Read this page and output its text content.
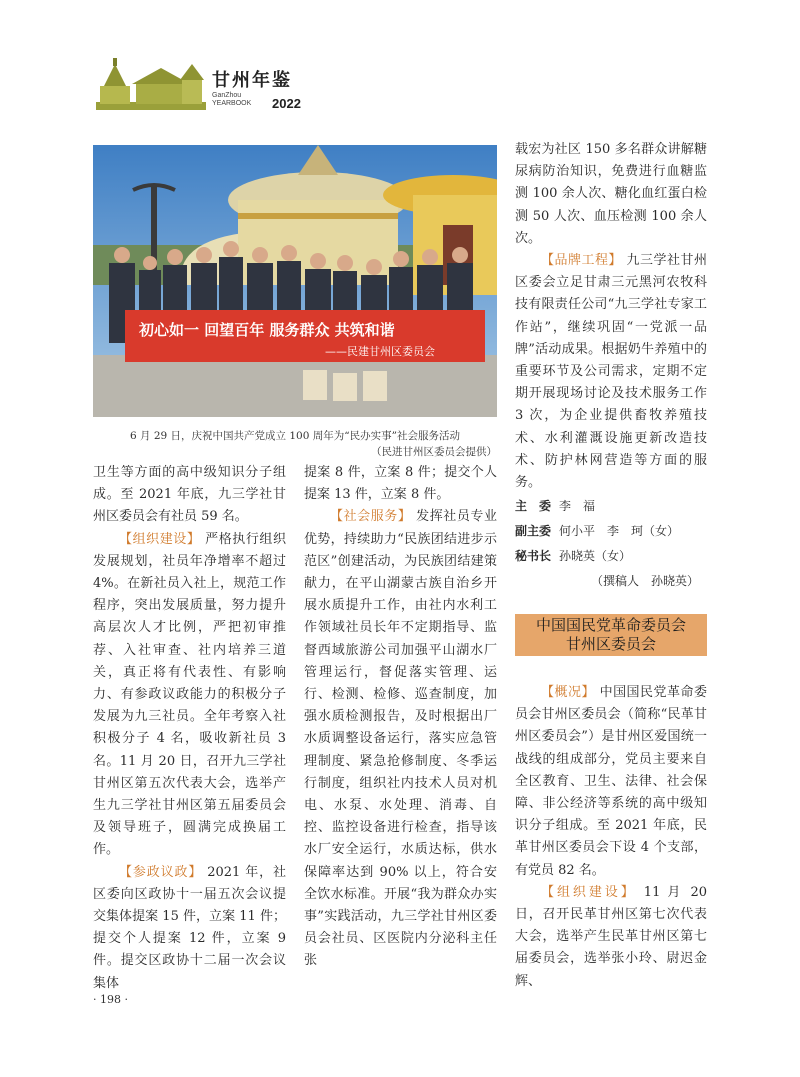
甘州年鉴
GanZhou
YEARBOOK 2022
初心如一 回望百年 服务群众 共筑和谐
——民建甘州区委员会
6 月 29 日，庆祝中国共产党成立 100 周年为“民办实事”社会服务活动
（民进甘州区委员会提供）

卫生等方面的高中级知识分子组成。至 2021 年底，九三学社甘州区委员会有社员 59 名。

【组织建设】 严格执行组织发展规划，社员年净增率不超过 4%。在新社员入社上，规范工作程序，突出发展质量，努力提升高层次人才比例，严把初审推荐、入社审查、社内培养三道关，真正将有代表性、有影响力、有参政议政能力的积极分子发展为九三社员。全年考察入社积极分子 4 名，吸收新社员 3 名。11 月 20 日，召开九三学社甘州区第五次代表大会，选举产生九三学社甘州区第五届委员会及领导班子，圆满完成换届工作。

【参政议政】 2021 年，社区委向区政协十一届五次会议提交集体提案 15 件，立案 11 件；提交个人提案 12 件，立案 9 件。提交区政协十二届一次会议集体

提案 8 件，立案 8 件；提交个人提案 13 件，立案 8 件。

【社会服务】 发挥社员专业优势，持续助力“民族团结进步示范区”创建活动，为民族团结建策献力，在平山湖蒙古族自治乡开展水质提升工作，由社内水利工作领域社员长年不定期指导、监督西域旅游公司加强平山湖水厂管理运行，督促落实管理、运行、检测、检修、巡查制度，加强水质检测报告，及时根据出厂水质调整设备运行，落实应急管理制度、紧急抢修制度、冬季运行制度，组织社内技术人员对机电、水泵、水处理、消毒、自控、监控设备进行检查，指导该水厂安全运行，水质达标，供水保障率达到 90% 以上，符合安全饮水标准。开展“我为群众办实事”实践活动，九三学社甘州区委员会社员、区医院内分泌科主任张

载宏为社区 150 多名群众讲解糖尿病防治知识，免费进行血糖监测 100 余人次、糖化血红蛋白检测 50 人次、血压检测 100 余人次。

【品牌工程】 九三学社甘州区委会立足甘肃三元黑河农牧科技有限责任公司“九三学社专家工作站”，继续巩固“一党派一品牌”活动成果。根据奶牛养殖中的重要环节及公司需求，定期不定期开展现场讨论及技术服务工作 3 次，为企业提供畜牧养殖技术、水利灌溉设施更新改造技术、防护林网营造等方面的服务。

主　委 李　福
副主委 何小平　李　珂（女）
秘书长 孙晓英（女）
（撰稿人　孙晓英）
中国国民党革命委员会
甘州区委员会

【概况】 中国国民党革命委员会甘州区委员会（简称“民革甘州区委员会”）是甘州区爱国统一战线的组成部分，党员主要来自全区教育、卫生、法律、社会保障、非公经济等系统的高中级知识分子组成。至 2021 年底，民革甘州区委员会下设 4 个支部，有党员 82 名。

【组织建设】 11 月 20 日，召开民革甘州区第七次代表大会，选举产生民革甘州区第七届委员会，选举张小玲、尉迟金辉、

· 198 ·
